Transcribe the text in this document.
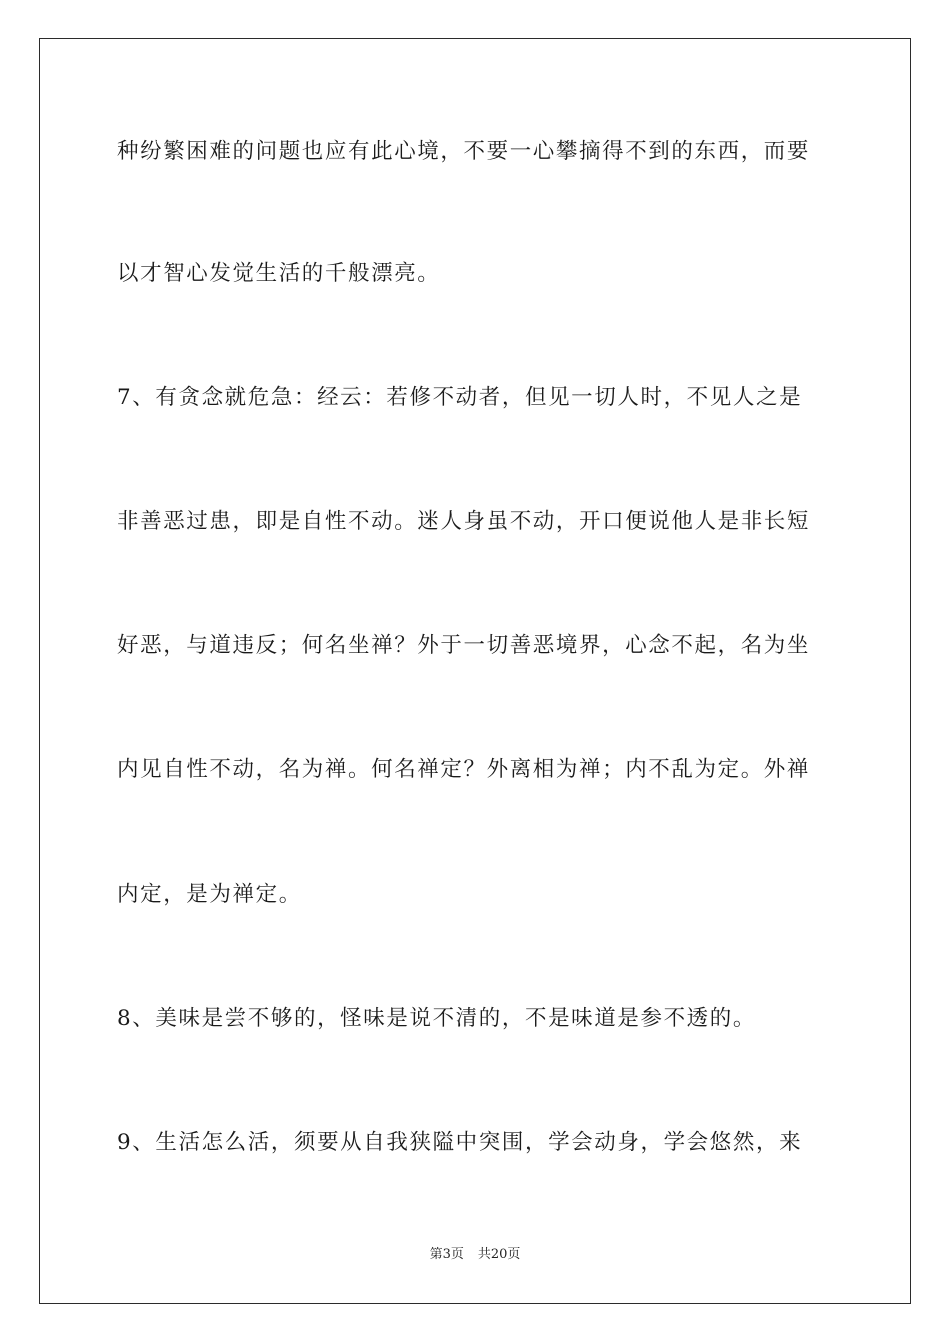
种纷繁困难的问题也应有此心境，不要一心攀摘得不到的东西，而要
以才智心发觉生活的千般漂亮。
7、有贪念就危急：经云：若修不动者，但见一切人时，不见人之是
非善恶过患，即是自性不动。迷人身虽不动，开口便说他人是非长短
好恶，与道违反；何名坐禅？外于一切善恶境界，心念不起，名为坐
内见自性不动，名为禅。何名禅定？外离相为禅；内不乱为定。外禅
内定，是为禅定。
8、美味是尝不够的，怪味是说不清的，不是味道是参不透的。
9、生活怎么活，须要从自我狭隘中突围，学会动身，学会悠然，来
第3页 共20页
